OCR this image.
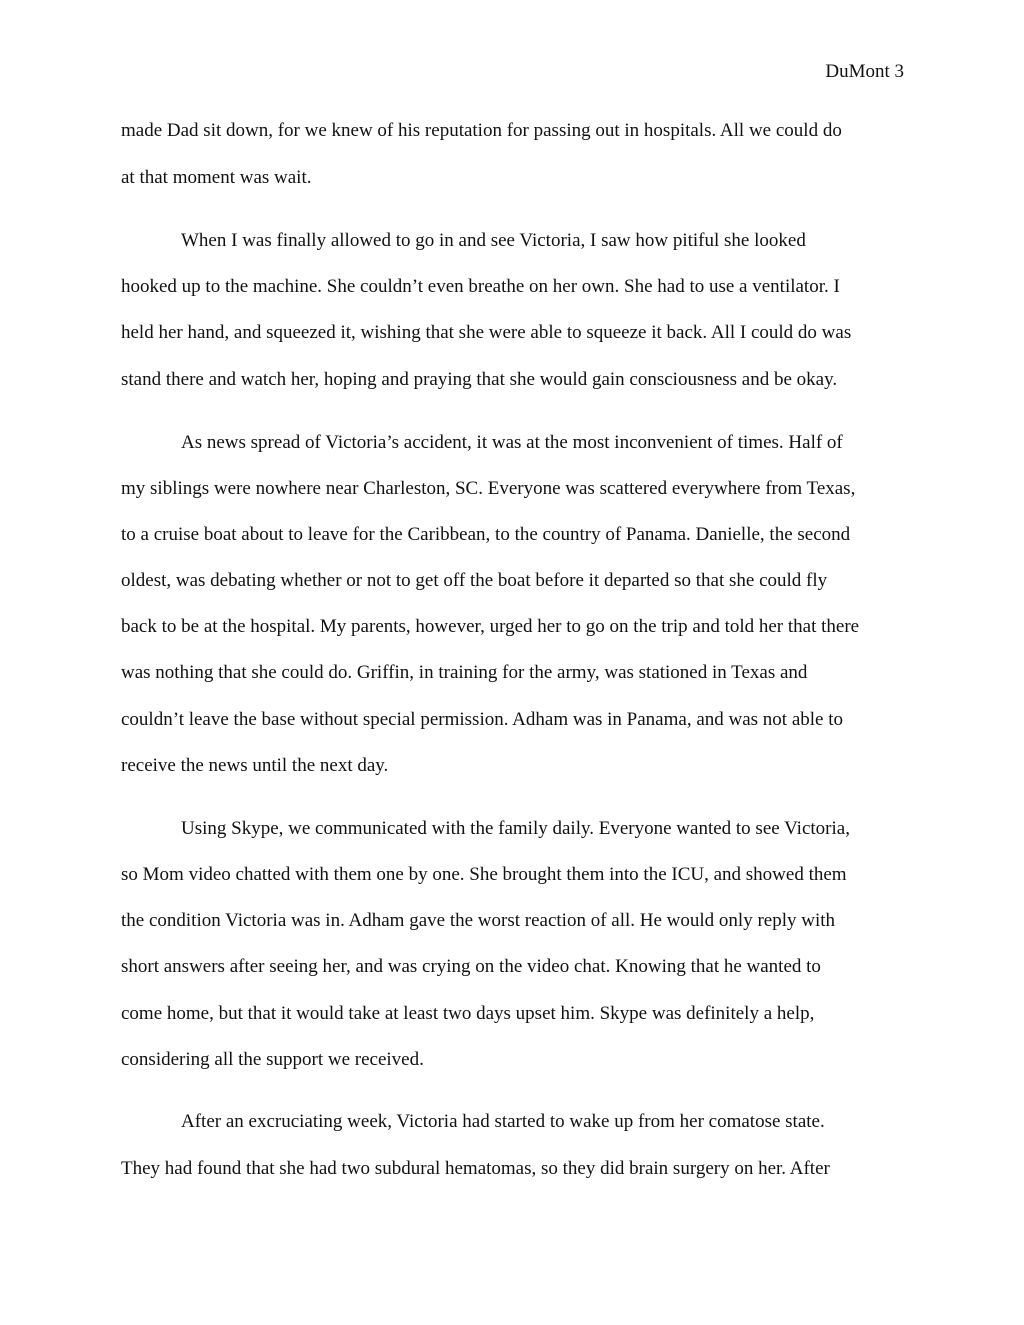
DuMont 3
made Dad sit down, for we knew of his reputation for passing out in hospitals. All we could do
at that moment was wait.
When I was finally allowed to go in and see Victoria, I saw how pitiful she looked
hooked up to the machine. She couldn’t even breathe on her own. She had to use a ventilator. I
held her hand, and squeezed it, wishing that she were able to squeeze it back. All I could do was
stand there and watch her, hoping and praying that she would gain consciousness and be okay.
As news spread of Victoria’s accident, it was at the most inconvenient of times. Half of
my siblings were nowhere near Charleston, SC. Everyone was scattered everywhere from Texas,
to a cruise boat about to leave for the Caribbean, to the country of Panama. Danielle, the second
oldest, was debating whether or not to get off the boat before it departed so that she could fly
back to be at the hospital. My parents, however, urged her to go on the trip and told her that there
was nothing that she could do. Griffin, in training for the army, was stationed in Texas and
couldn’t leave the base without special permission. Adham was in Panama, and was not able to
receive the news until the next day.
Using Skype, we communicated with the family daily. Everyone wanted to see Victoria,
so Mom video chatted with them one by one. She brought them into the ICU, and showed them
the condition Victoria was in. Adham gave the worst reaction of all. He would only reply with
short answers after seeing her, and was crying on the video chat. Knowing that he wanted to
come home, but that it would take at least two days upset him. Skype was definitely a help,
considering all the support we received.
After an excruciating week, Victoria had started to wake up from her comatose state.
They had found that she had two subdural hematomas, so they did brain surgery on her. After
